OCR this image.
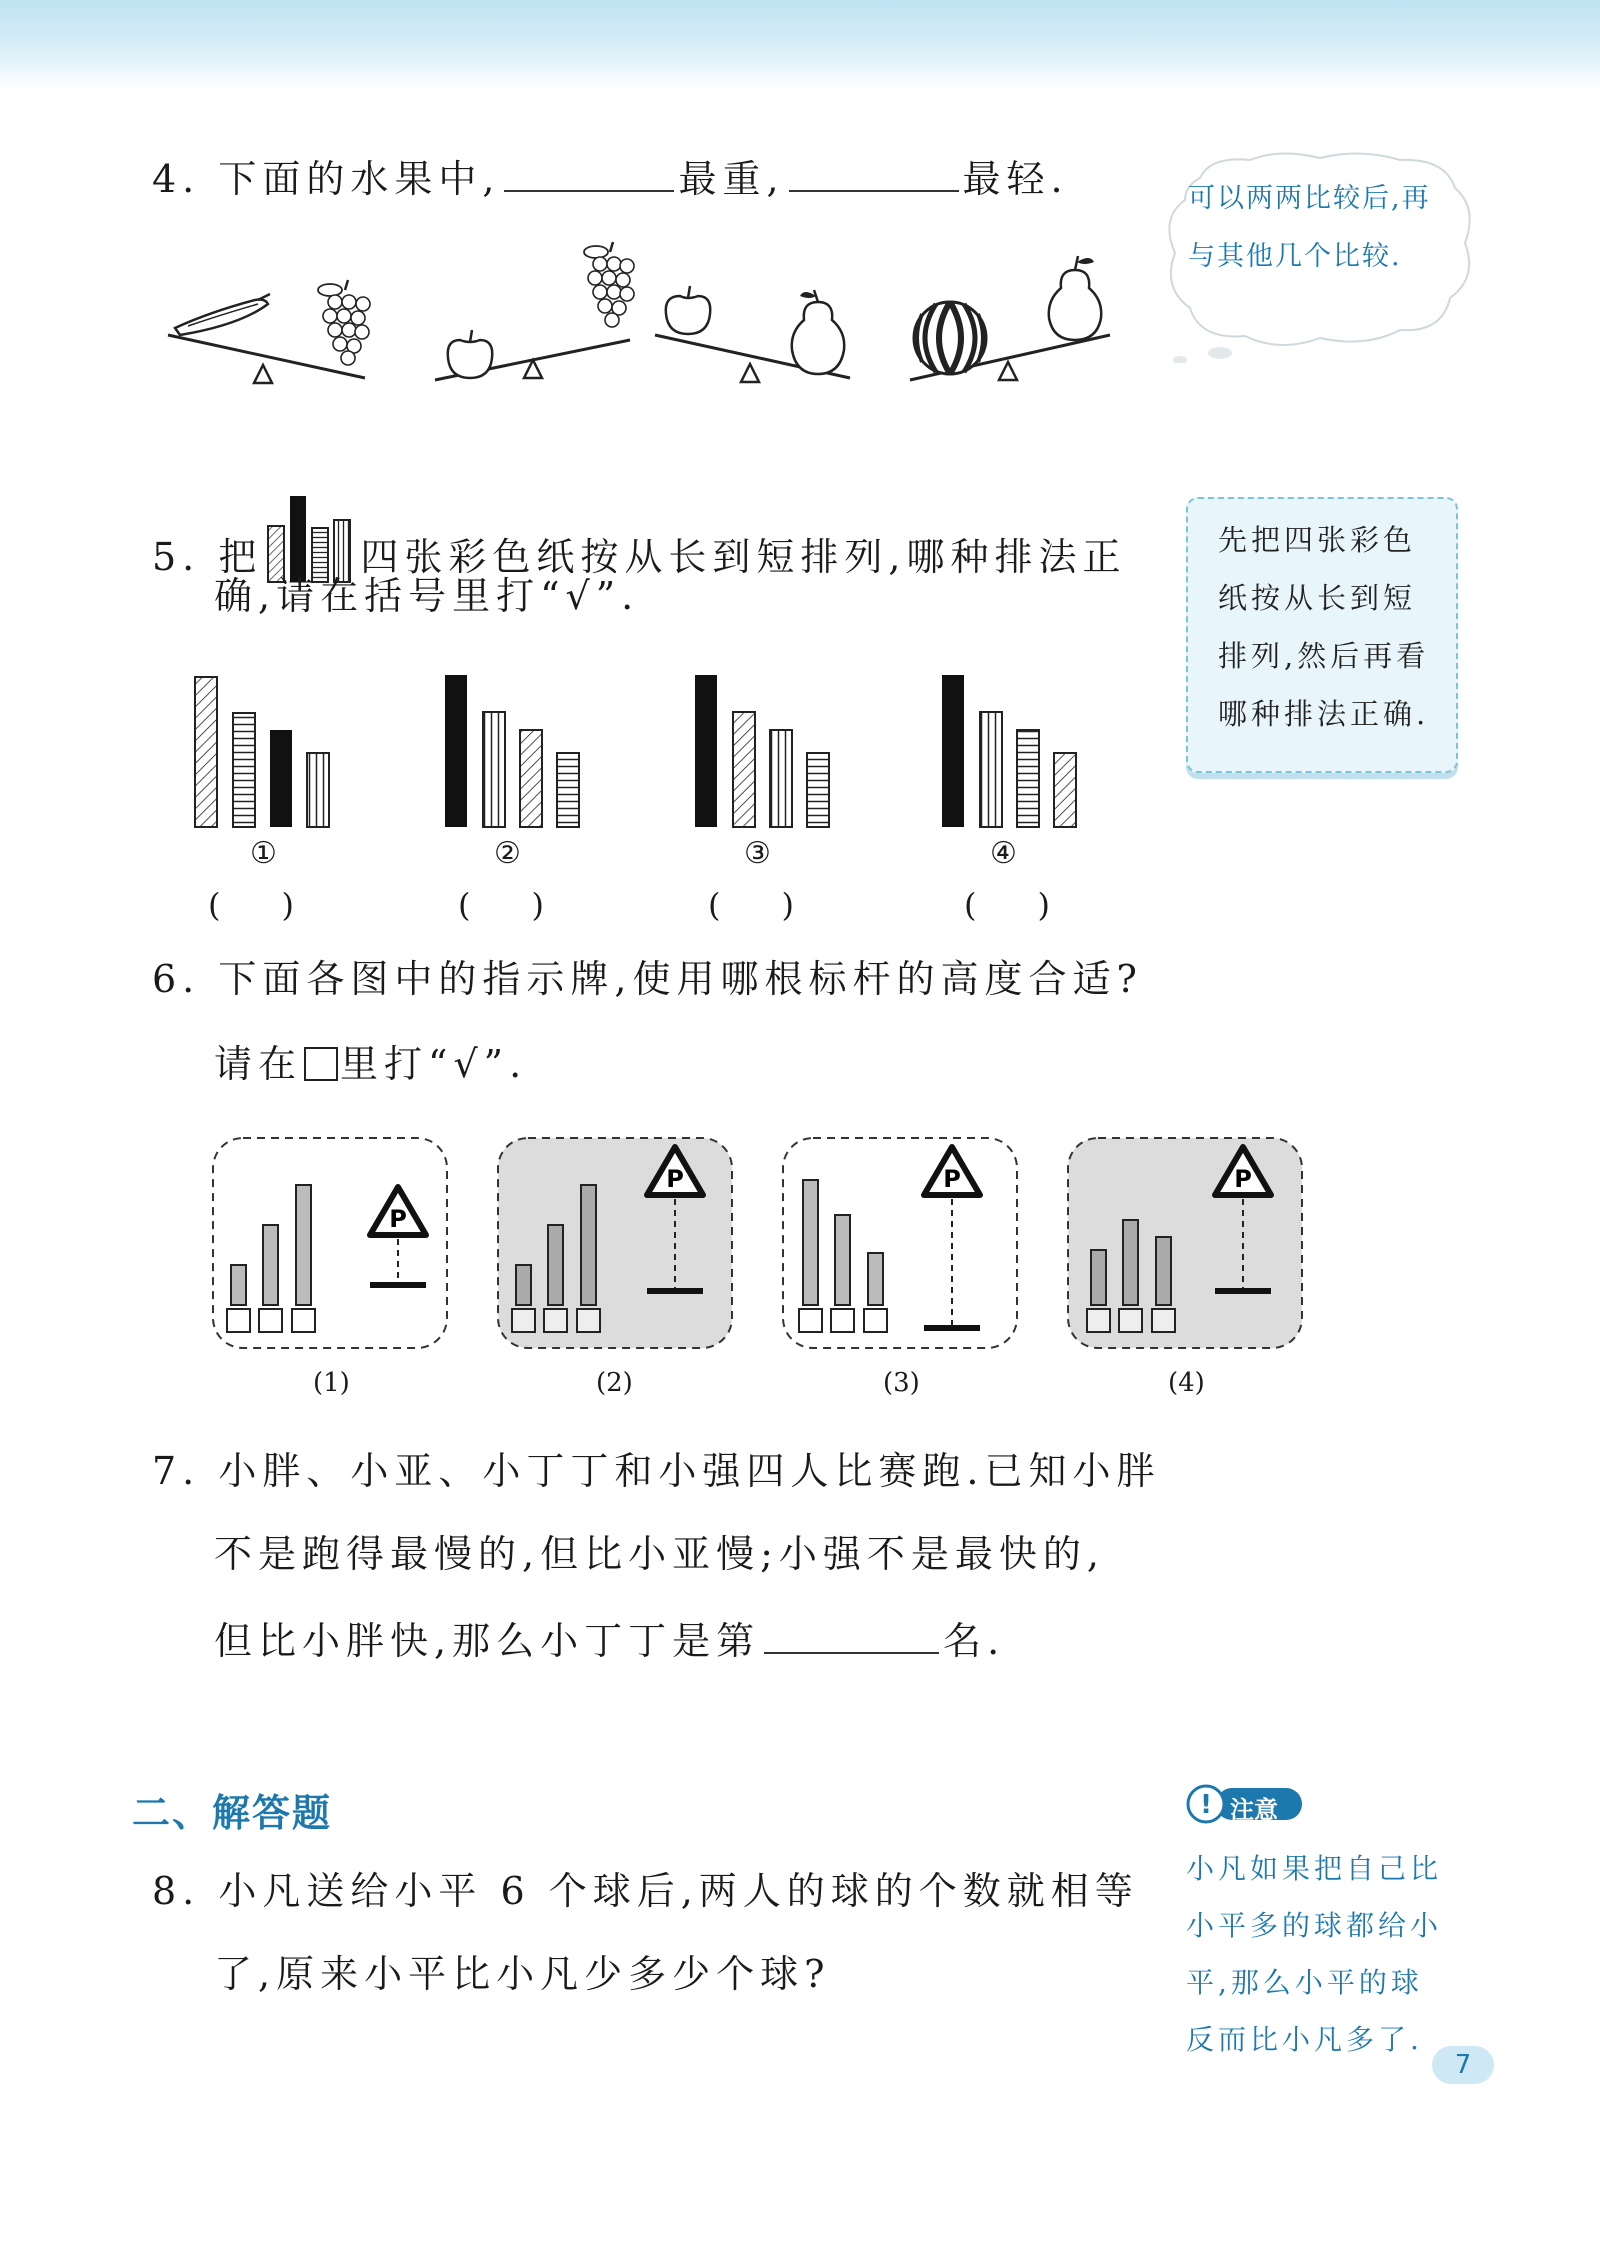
4. 下面的水果中,	最重,	最轻.	可以两两比较后,再
与其他几个比较.
5. 把	四张彩色纸按从长到短排列,哪种排法正
确,请在括号里打“√”.
先把四张彩色
纸按从长到短
排列,然后再看
哪种排法正确.
①	②	③	④
(      )	(      )	(      )	(      )
6. 下面各图中的指示牌,使用哪根标杆的高度合适?
请在 里打“√”.
P
P	P	P
(1)	(2)	(3)	(4)
7. 小胖、小亚、小丁丁和小强四人比赛跑.已知小胖
不是跑得最慢的,但比小亚慢;小强不是最快的,
但比小胖快,那么小丁丁是第	名.
二、解答题	! 注意
小凡如果把自己比
小平多的球都给小
平,那么小平的球
反而比小凡多了.
8. 小凡送给小平 6 个球后,两人的球的个数就相等
了,原来小平比小凡少多少个球?
7
